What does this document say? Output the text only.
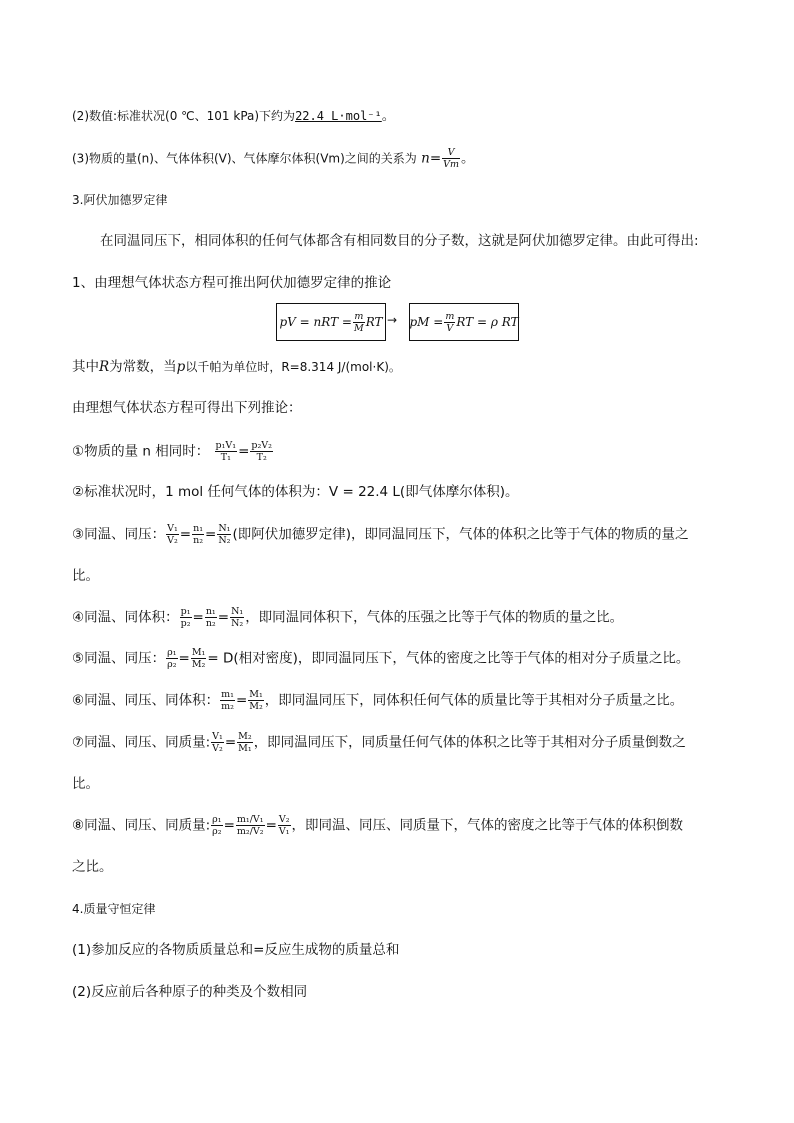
(2)数值:标准状况(0 ℃、101 kPa)下约为22.4 L·mol⁻¹。
(3)物质的量(n)、气体体积(V)、气体摩尔体积(Vm)之间的关系为 $n= \frac{V}{Vm}$ 。
3.阿伏加德罗定律
在同温同压下，相同体积的任何气体都含有相同数目的分子数，这就是阿伏加德罗定律。由此可得出:
1、由理想气体状态方程可推出阿伏加德罗定律的推论
pV = nRT = $\frac{m}{M}$ RT → pM = $\frac{m}{V}$ RT = ρ RT
其中R为常数，当p以千帕为单位时，R=8.314 J/(mol·K)。
由理想气体状态方程可得出下列推论：
①物质的量 n 相同时： $\frac{\text{p₁V₁}}{\text{T₁}} = \frac{\text{p₂V₂}}{\text{T₂}}$
②标准状况时，1 mol 任何气体的体积为：V = 22.4 L(即气体摩尔体积)。
③同温、同压： $\frac{\text{V₁}}{\text{V₂}} = \frac{\text{n₁}}{\text{n₂}} = \frac{\text{N₁}}{\text{N₂}}$ (即阿伏加德罗定律)，即同温同压下，气体的体积之比等于气体的物质的量之
比。
④同温、同体积： $\frac{\text{p₁}}{\text{p₂}} = \frac{\text{n₁}}{\text{n₂}} = \frac{\text{N₁}}{\text{N₂}}$ ，即同温同体积下，气体的压强之比等于气体的物质的量之比。
⑤同温、同压： $\frac{\text{ρ₁}}{\text{ρ₂}} = \frac{\text{M₁}}{\text{M₂}} = D$(相对密度)，即同温同压下，气体的密度之比等于气体的相对分子质量之比。
⑥同温、同压、同体积： $\frac{\text{m₁}}{\text{m₂}} = \frac{\text{M₁}}{\text{M₂}}$ ，即同温同压下，同体积任何气体的质量比等于其相对分子质量之比。
⑦同温、同压、同质量: $\frac{\text{V₁}}{\text{V₂}} = \frac{\text{M₂}}{\text{M₁}}$ ，即同温同压下，同质量任何气体的体积之比等于其相对分子质量倒数之
比。
⑧同温、同压、同质量: $\frac{\text{ρ₁}}{\text{ρ₂}} = \frac{\text{m₁/V₁}}{\text{m₂/V₂}} = \frac{\text{V₂}}{\text{V₁}}$ ，即同温、同压、同质量下，气体的密度之比等于气体的体积倒数
之比。
4.质量守恒定律
(1)参加反应的各物质质量总和=反应生成物的质量总和
(2)反应前后各种原子的种类及个数相同
